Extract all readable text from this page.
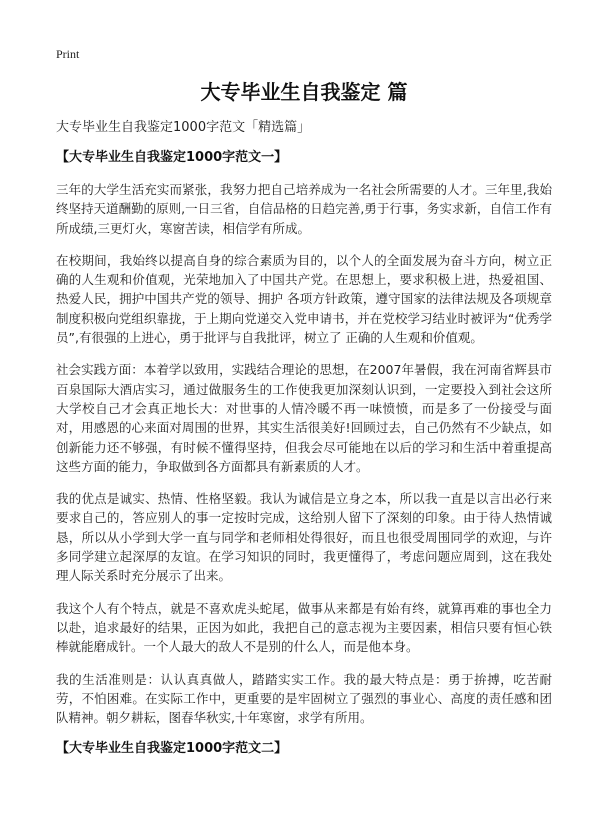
Print
大专毕业生自我鉴定 篇
大专毕业生自我鉴定1000字范文「精选篇」
【大专毕业生自我鉴定1000字范文一】

三年的大学生活充实而紧张，我努力把自己培养成为一名社会所需要的人才。三年里,我始终坚持天道酬勤的原则,一日三省，自信品格的日趋完善,勇于行事，务实求新，自信工作有所成绩,三更灯火，寒窗苦读，相信学有所成。

在校期间，我始终以提高自身的综合素质为目的，以个人的全面发展为奋斗方向，树立正确的人生观和价值观，光荣地加入了中国共产党。在思想上，要求积极上进，热爱祖国、热爱人民，拥护中国共产党的领导、拥护 各项方针政策，遵守国家的法律法规及各项规章制度积极向党组织靠拢，于上期向党递交入党申请书，并在党校学习结业时被评为“优秀学员”,有很强的上进心，勇于批评与自我批评，树立了 正确的人生观和价值观。

社会实践方面：本着学以致用，实践结合理论的思想，在2007年暑假，我在河南省辉县市百泉国际大酒店实习，通过做服务生的工作使我更加深刻认识到，一定要投入到社会这所大学校自己才会真正地长大：对世事的人情冷暖不再一味愤愤，而是多了一份接受与面对，用感恩的心来面对周围的世界，其实生活很美好!回顾过去，自己仍然有不少缺点，如创新能力还不够强，有时候不懂得坚持，但我会尽可能地在以后的学习和生活中着重提高这些方面的能力，争取做到各方面都具有新素质的人才。

我的优点是诚实、热情、性格坚毅。我认为诚信是立身之本，所以我一直是以言出必行来要求自己的，答应别人的事一定按时完成，这给别人留下了深刻的印象。由于待人热情诚恳，所以从小学到大学一直与同学和老师相处得很好，而且也很受周围同学的欢迎，与许多同学建立起深厚的友谊。在学习知识的同时，我更懂得了，考虑问题应周到，这在我处理人际关系时充分展示了出来。

我这个人有个特点，就是不喜欢虎头蛇尾，做事从来都是有始有终，就算再难的事也全力以赴，追求最好的结果，正因为如此，我把自己的意志视为主要因素，相信只要有恒心铁棒就能磨成针。一个人最大的敌人不是别的什么人，而是他本身。

我的生活准则是：认认真真做人，踏踏实实工作。我的最大特点是：勇于拚搏，吃苦耐劳，不怕困难。在实际工作中，更重要的是牢固树立了强烈的事业心、高度的责任感和团队精神。朝夕耕耘，图春华秋实,十年寒窗，求学有所用。

【大专毕业生自我鉴定1000字范文二】
